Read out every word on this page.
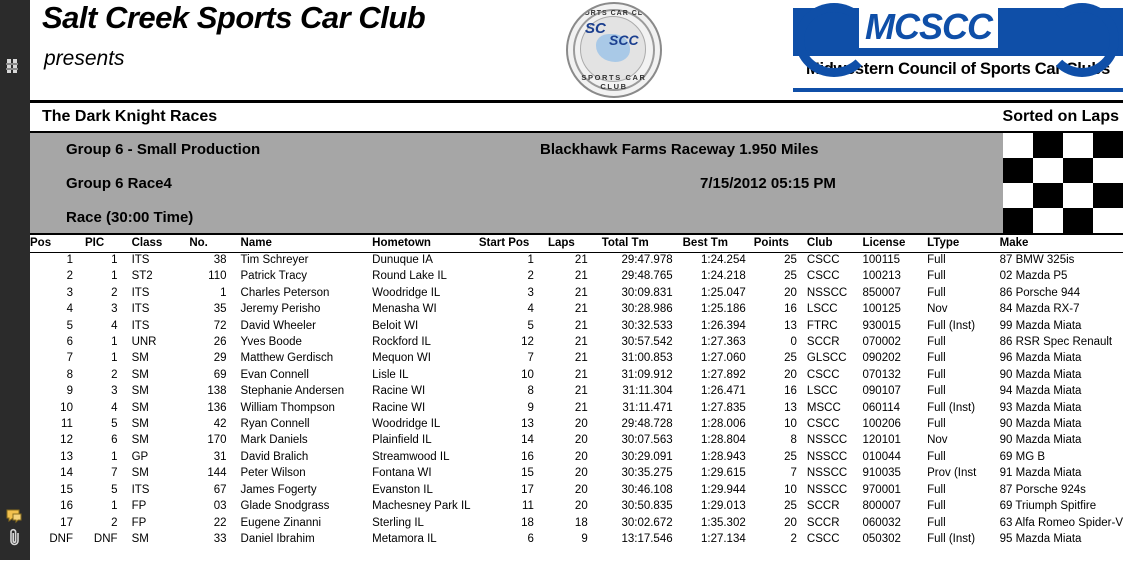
Salt Creek Sports Car Club
presents
SPORTS CAR CLUB
SC
SCC
SPORTS CAR CLUB
MCSCC
Midwestern Council of Sports Car Clubs
The Dark Knight Races	Sorted on Laps
Group 6 - Small Production
Group 6 Race4
Race (30:00 Time)
Blackhawk Farms Raceway 1.950 Miles
7/15/2012 05:15 PM
Pos	PIC	Class	No.	Name	Hometown	Start Pos	Laps	Total Tm	Best Tm	Points	Club	License	LType	Make
1	1	ITS	38	Tim Schreyer	Dunuque IA	1	21	29:47.978	1:24.254	25	CSCC	100115	Full	87 BMW 325is
2	1	ST2	110	Patrick Tracy	Round Lake IL	2	21	29:48.765	1:24.218	25	CSCC	100213	Full	02 Mazda P5
3	2	ITS	1	Charles Peterson	Woodridge IL	3	21	30:09.831	1:25.047	20	NSSCC	850007	Full	86 Porsche 944
4	3	ITS	35	Jeremy Perisho	Menasha WI	4	21	30:28.986	1:25.186	16	LSCC	100125	Nov	84 Mazda RX-7
5	4	ITS	72	David Wheeler	Beloit WI	5	21	30:32.533	1:26.394	13	FTRC	930015	Full (Inst)	99 Mazda Miata
6	1	UNR	26	Yves Boode	Rockford IL	12	21	30:57.542	1:27.363	0	SCCR	070002	Full	86 RSR Spec Renault
7	1	SM	29	Matthew Gerdisch	Mequon WI	7	21	31:00.853	1:27.060	25	GLSCC	090202	Full	96 Mazda Miata
8	2	SM	69	Evan Connell	Lisle IL	10	21	31:09.912	1:27.892	20	CSCC	070132	Full	90 Mazda Miata
9	3	SM	138	Stephanie Andersen	Racine WI	8	21	31:11.304	1:26.471	16	LSCC	090107	Full	94 Mazda Miata
10	4	SM	136	William Thompson	Racine WI	9	21	31:11.471	1:27.835	13	MSCC	060114	Full (Inst)	93 Mazda Miata
11	5	SM	42	Ryan Connell	Woodridge IL	13	20	29:48.728	1:28.006	10	CSCC	100206	Full	90 Mazda Miata
12	6	SM	170	Mark Daniels	Plainfield IL	14	20	30:07.563	1:28.804	8	NSSCC	120101	Nov	90 Mazda Miata
13	1	GP	31	David Bralich	Streamwood IL	16	20	30:29.091	1:28.943	25	NSSCC	010044	Full	69 MG B
14	7	SM	144	Peter Wilson	Fontana WI	15	20	30:35.275	1:29.615	7	NSSCC	910035	Prov (Inst	91 Mazda Miata
15	5	ITS	67	James Fogerty	Evanston IL	17	20	30:46.108	1:29.944	10	NSSCC	970001	Full	87 Porsche 924s
16	1	FP	03	Glade Snodgrass	Machesney Park IL	11	20	30:50.835	1:29.013	25	SCCR	800007	Full	69 Triumph Spitfire
17	2	FP	22	Eugene Zinanni	Sterling IL	18	18	30:02.672	1:35.302	20	SCCR	060032	Full	63 Alfa Romeo Spider-V
DNF	DNF	SM	33	Daniel Ibrahim	Metamora IL	6	9	13:17.546	1:27.134	2	CSCC	050302	Full (Inst)	95 Mazda Miata
